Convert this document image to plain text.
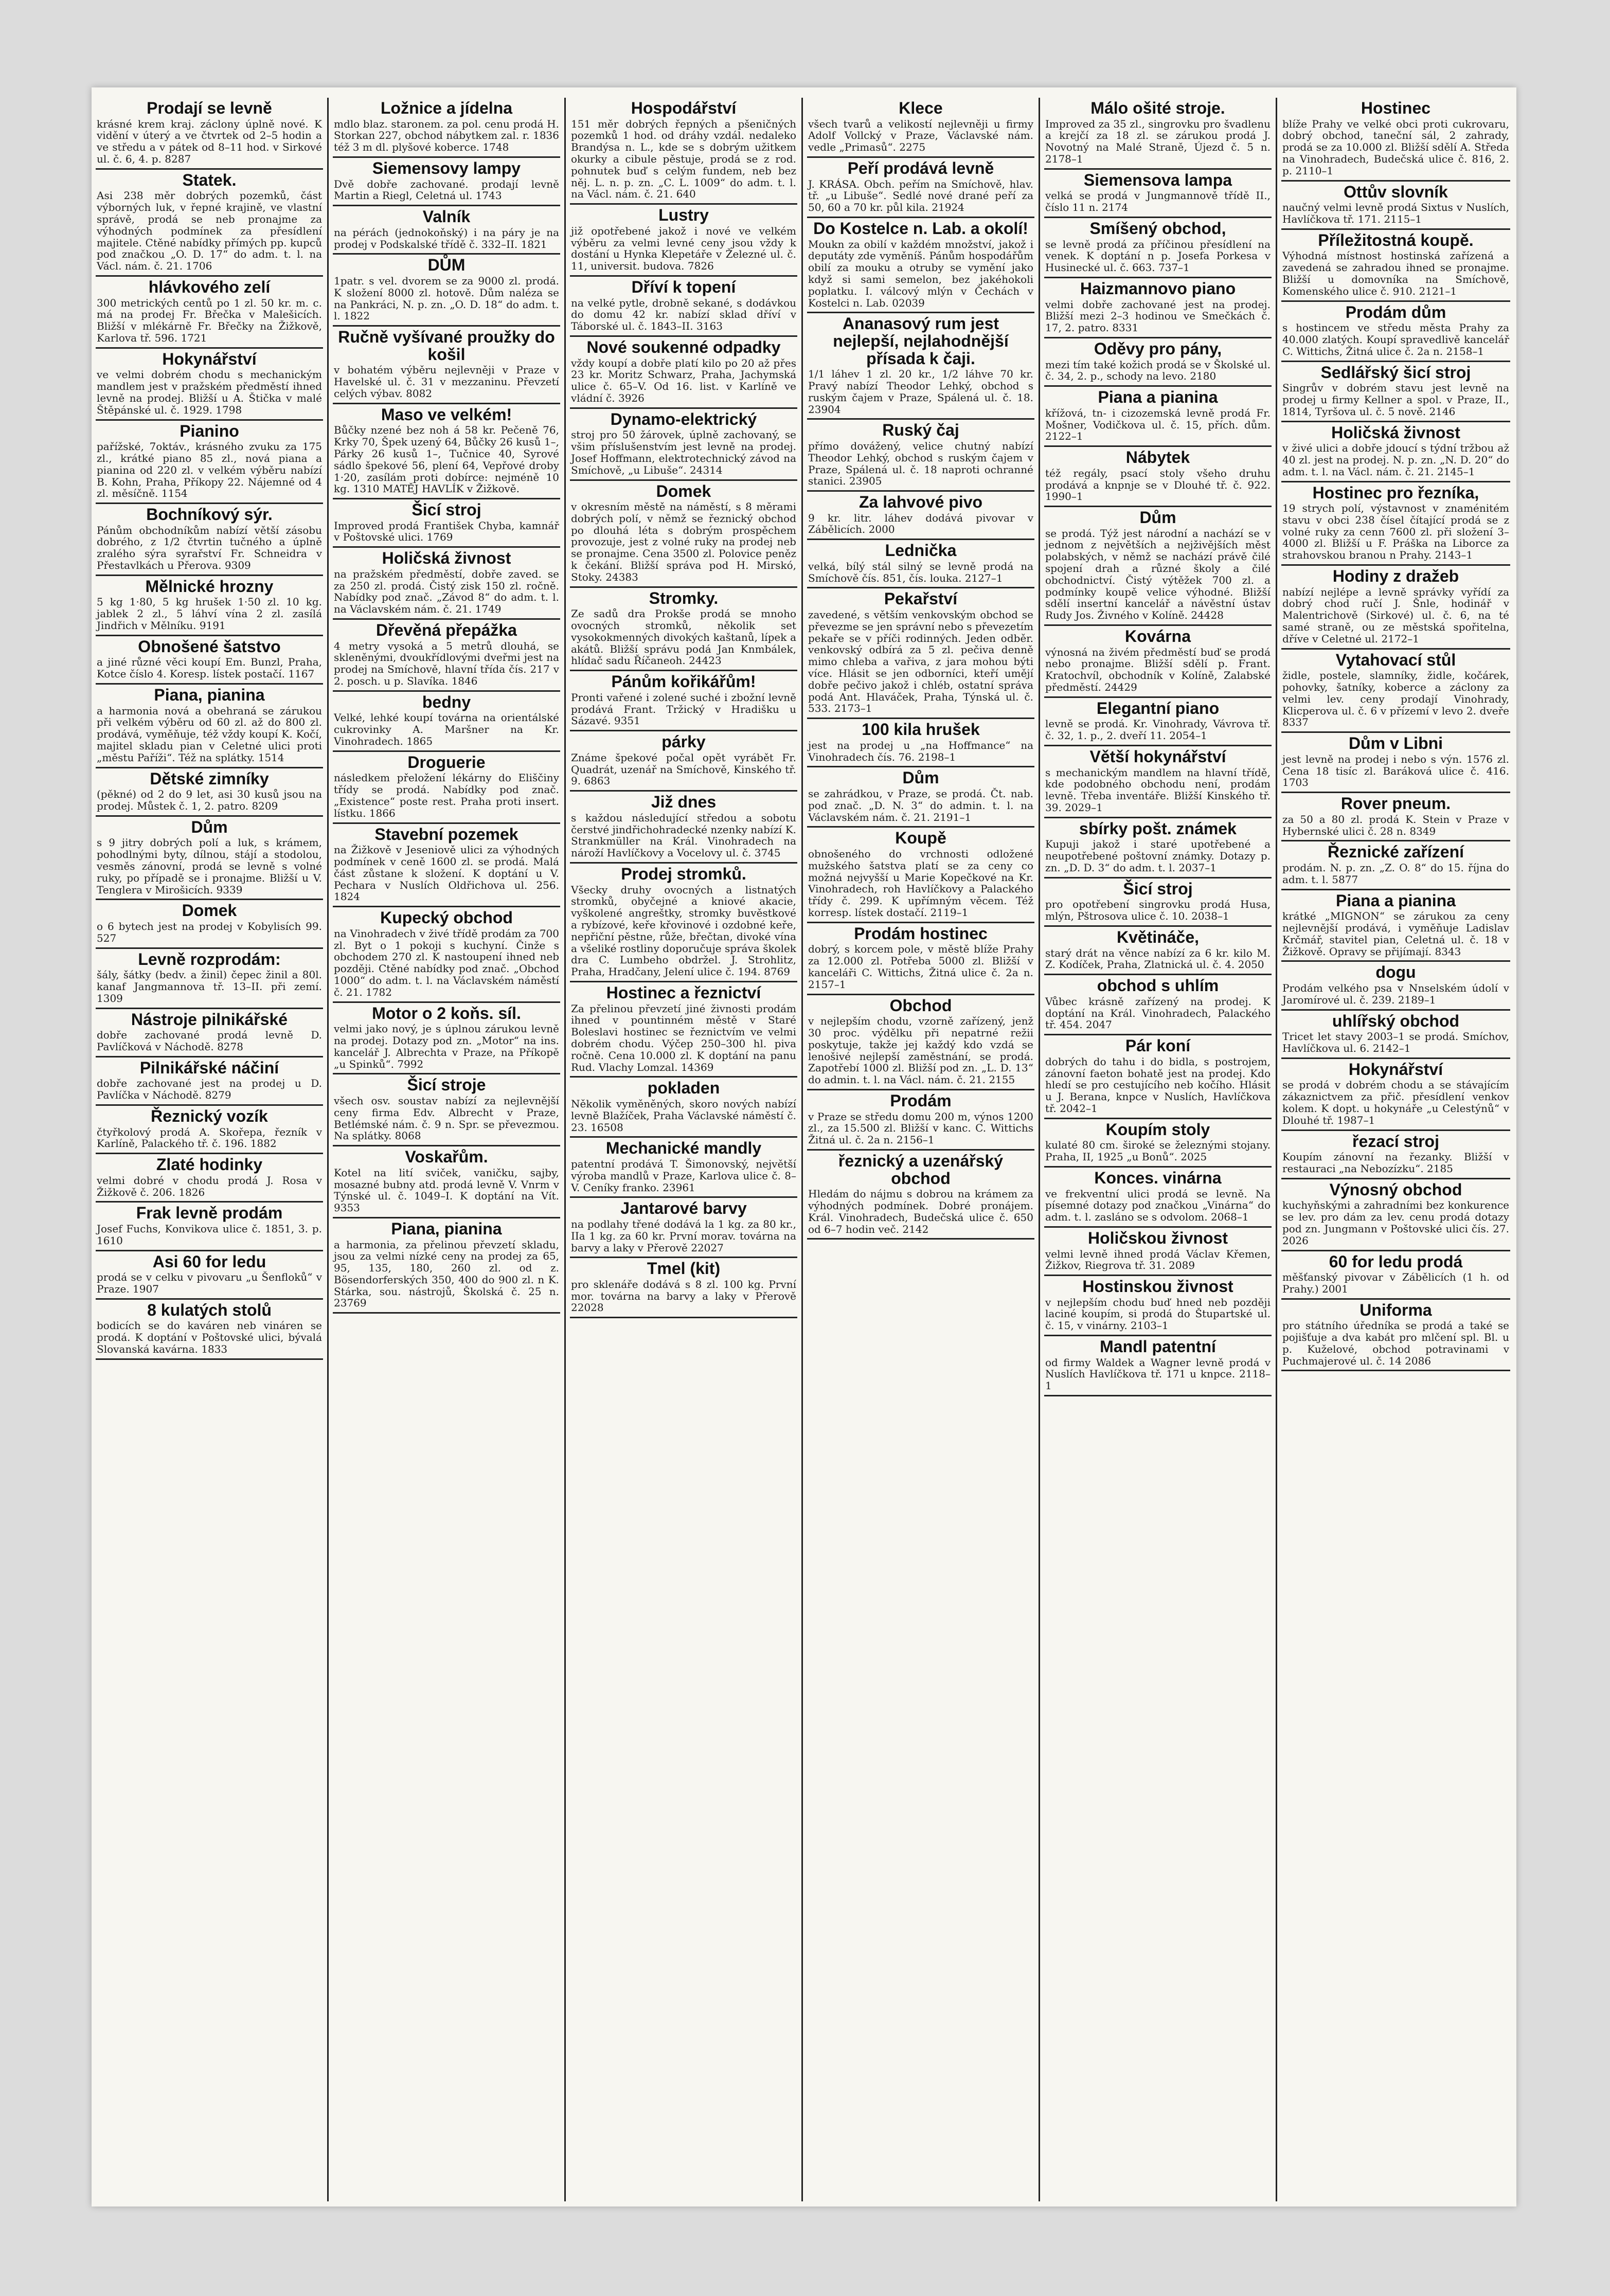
Prodají se levně
krásné krem kraj. záclony úplně nové. K vidění v úterý a ve čtvrtek od 2–5 hodin a ve středu a v pátek od 8–11 hod. v Sirkové ul. č. 6, 4. p. 8287
Statek.
Asi 238 měr dobrých pozemků, část výborných luk, v řepné krajině, ve vlastní správě, prodá se neb pronajme za výhodných podmínek za přesídlení majitele. Ctěné nabídky přímých pp. kupců pod značkou „O. D. 17“ do adm. t. l. na Václ. nám. č. 21. 1706
hlávkového zelí
300 metrických centů po 1 zl. 50 kr. m. c. má na prodej Fr. Břečka v Malešicích. Bližší v mlékárně Fr. Břečky na Žižkově, Karlova tř. 596. 1721
Hokynářství
ve velmi dobrém chodu s mechanickým mandlem jest v pražském předměstí ihned levně na prodej. Bližší u A. Štička v malé Štěpánské ul. č. 1929. 1798
Pianino
pařížské, 7oktáv., krásného zvuku za 175 zl., krátké piano 85 zl., nová piana a pianina od 220 zl. v velkém výběru nabízí B. Kohn, Praha, Příkopy 22. Nájemné od 4 zl. měsíčně. 1154
Bochníkový sýr.
Pánům obchodníkům nabízí větší zásobu dobrého, z 1/2 čtvrtin tučného a úplně zralého sýra syrařství Fr. Schneidra v Přestavlkách u Přerova. 9309
Mělnické hrozny
5 kg 1·80, 5 kg hrušek 1·50 zl. 10 kg. jablek 2 zl., 5 láhví vína 2 zl. zasílá Jindřich v Mělníku. 9191
Obnošené šatstvo
a jiné různé věci koupí Em. Bunzl, Praha, Kotce číslo 4. Koresp. lístek postačí. 1167
Piana, pianina
a harmonia nová a obehraná se zárukou při velkém výběru od 60 zl. až do 800 zl. prodává, vyměňuje, též vždy koupí K. Kočí, majitel skladu pian v Celetné ulici proti „městu Paříži“. Též na splátky. 1514
Dětské zimníky
(pěkné) od 2 do 9 let, asi 30 kusů jsou na prodej. Můstek č. 1, 2. patro. 8209
Dům
s 9 jitry dobrých polí a luk, s krámem, pohodlnými byty, dílnou, stájí a stodolou, vesměs zánovní, prodá se levně s volné ruky, po případě se i pronajme. Bližší u V. Tenglera v Mirošicích. 9339
Domek
o 6 bytech jest na prodej v Kobylisích 99. 527
Levně rozprodám:
šály, šátky (bedv. a žinil) čepec žinil a 80l. kanaf Jangmannova tř. 13–II. při zemí. 1309
Nástroje pilnikářské
dobře zachované prodá levně D. Pavlíčková v Náchodě. 8278
Pilnikářské náčiní
dobře zachované jest na prodej u D. Pavlíčka v Náchodě. 8279
Řeznický vozík
čtyřkolový prodá A. Skořepa, řezník v Karlíně, Palackého tř. č. 196. 1882
Zlaté hodinky
velmi dobré v chodu prodá J. Rosa v Žižkově č. 206. 1826
Frak levně prodám
Josef Fuchs, Konvikova ulice č. 1851, 3. p. 1610
Asi 60 for ledu
prodá se v celku v pivovaru „u Šenfloků“ v Praze. 1907
8 kulatých stolů
bodicích se do kaváren neb vináren se prodá. K doptání v Poštovské ulici, bývalá Slovanská kavárna. 1833
Ložnice a jídelna
mdlo blaz. staronem. za pol. cenu prodá H. Storkan 227, obchod nábytkem zal. r. 1836 též 3 m dl. plyšové koberce. 1748
Siemensovy lampy
Dvě dobře zachované. prodají levně Martin a Riegl, Celetná ul. 1743
Valník
na pérách (jednokoňský) i na páry je na prodej v Podskalské třídě č. 332–II. 1821
DŮM
1patr. s vel. dvorem se za 9000 zl. prodá. K složení 8000 zl. hotově. Dům naléza se na Pankráci, N. p. zn. „O. D. 18“ do adm. t. l. 1822
Ručně vyšívané proužky do košil
v bohatém výběru nejlevněji v Praze v Havelské ul. č. 31 v mezzaninu. Převzetí celých výbav. 8082
Maso ve velkém!
Bůčky nzené bez noh á 58 kr. Pečeně 76, Krky 70, Špek uzený 64, Bůčky 26 kusů 1–, Párky 26 kusů 1–, Tučnice 40, Syrové sádlo špekové 56, plení 64, Vepřové droby 1·20, zasílám proti dobírce: nejméně 10 kg. 1310 MATĚJ HAVLÍK v Žižkově.
Šicí stroj
Improved prodá František Chyba, kamnář v Poštovské ulici. 1769
Holičská živnost
na pražském předměstí, dobře zaved. se za 250 zl. prodá. Čistý zisk 150 zl. ročně. Nabídky pod znač. „Závod 8“ do adm. t. l. na Václavském nám. č. 21. 1749
Dřevěná přepážka
4 metry vysoká a 5 metrů dlouhá, se skleněnými, dvoukřídlovými dveřmi jest na prodej na Smíchově, hlavní třída čís. 217 v 2. posch. u p. Slavíka. 1846
bedny
Velké, lehké koupí továrna na orientálské cukrovinky A. Maršner na Kr. Vinohradech. 1865
Droguerie
následkem přeložení lékárny do Eliščiny třídy se prodá. Nabídky pod znač. „Existence“ poste rest. Praha proti insert. lístku. 1866
Stavební pozemek
na Žižkově v Jeseniově ulici za výhodných podmínek v ceně 1600 zl. se prodá. Malá část zůstane k složení. K doptání u V. Pechara v Nuslích Oldřichova ul. 256. 1824
Kupecký obchod
na Vinohradech v živé třídě prodám za 700 zl. Byt o 1 pokoji s kuchyní. Činže s obchodem 270 zl. K nastoupení ihned neb později. Ctěné nabídky pod znač. „Obchod 1000“ do adm. t. l. na Václavském náměstí č. 21. 1782
Motor o 2 koňs. síl.
velmi jako nový, je s úplnou zárukou levně na prodej. Dotazy pod zn. „Motor“ na ins. kancelář J. Albrechta v Praze, na Příkopě „u Spinků“. 7992
Šicí stroje
všech osv. soustav nabízí za nejlevnější ceny firma Edv. Albrecht v Praze, Betlémské nám. č. 9 n. Spr. se převezmou. Na splátky. 8068
Voskařům.
Kotel na lití sviček, vaničku, sajby, mosazné bubny atd. prodá levně V. Vnrm v Týnské ul. č. 1049–I. K doptání na Vít. 9353
Piana, pianina
a harmonia, za přelinou převzetí skladu, jsou za velmi nízké ceny na prodej za 65, 95, 135, 180, 260 zl. od z. Bösendorferských 350, 400 do 900 zl. n K. Stárka, sou. nástrojů, Školská č. 25 n. 23769
Hospodářství
151 měr dobrých řepných a pšeničných pozemků 1 hod. od dráhy vzdál. nedaleko Brandýsa n. L., kde se s dobrým užitkem okurky a cibule pěstuje, prodá se z rod. pohnutek buď s celým fundem, neb bez něj. L. n. p. zn. „C. L. 1009“ do adm. t. l. na Václ. nám. č. 21. 640
Lustry
již opotřebené jakož i nové ve velkém výběru za velmi levné ceny jsou vždy k dostání u Hynka Klepetáře v Železné ul. č. 11, universit. budova. 7826
Dříví k topení
na velké pytle, drobně sekané, s dodávkou do domu 42 kr. nabízí sklad dříví v Táborské ul. č. 1843–II. 3163
Nové soukenné odpadky
vždy koupí a dobře platí kilo po 20 až přes 23 kr. Moritz Schwarz, Praha, Jachymská ulice č. 65–V. Od 16. list. v Karlíně ve vládní č. 3926
Dynamo-elektrický
stroj pro 50 žárovek, úplně zachovaný, se všim příslušenstvím jest levně na prodej. Josef Hoffmann, elektrotechnický závod na Smíchově, „u Libuše“. 24314
Domek
v okresním městě na náměstí, s 8 měrami dobrých polí, v němž se řeznický obchod po dlouhá léta s dobrým prospěchem provozuje, jest z volné ruky na prodej neb se pronajme. Cena 3500 zl. Polovice peněz k čekání. Bližší správa pod H. Mirskó, Stoky. 24383
Stromky.
Ze sadů dra Prokše prodá se mnoho ovocných stromků, několik set vysokokmenných divokých kaštanů, lípek a akátů. Bližší správu podá Jan Knmbálek, hlídač sadu Říčaneoh. 24423
Pánům kořikářům!
Pronti vařené i zolené suché i zbožní levně prodává Frant. Tržický v Hradišku u Sázavé. 9351
párky
Známe špekové počal opět vyrábět Fr. Quadrát, uzenář na Smíchově, Kinského tř. 9. 6863
Již dnes
s každou následující středou a sobotu čerstvé jindřichohradecké nzenky nabízí K. Strankmüller na Král. Vinohradech na nároží Havlíčkovy a Vocelovy ul. č. 3745
Prodej stromků.
Všecky druhy ovocných a listnatých stromků, obyčejné a kniové akacie, vyškolené angreštky, stromky buvěstkové a rybízové, keře křovinové i ozdobné keře, nepřiční pěstne, růže, břečtan, divoké vína a všeliké rostliny doporučuje správa školek dra C. Lumbeho obdržel. J. Strohlitz, Praha, Hradčany, Jelení ulice č. 194. 8769
Hostinec a řeznictví
Za přelinou převzetí jiné živnosti prodám ihned v pountinném městě v Staré Boleslavi hostinec se řeznictvím ve velmi dobrém chodu. Výčep 250–300 hl. piva ročně. Cena 10.000 zl. K doptání na panu Rud. Vlachy Lomzal. 14369
pokladen
Několik vyměněných, skoro nových nabízí levně Blažíček, Praha Václavské náměstí č. 23. 16508
Mechanické mandly
patentní prodává T. Šimonovský, největší výroba mandlů v Praze, Karlova ulice č. 8–V. Ceníky franko. 23961
Jantarové barvy
na podlahy třené dodává la 1 kg. za 80 kr., IIa 1 kg. za 60 kr. První morav. továrna na barvy a laky v Přerově 22027
Tmel (kit)
pro sklenáře dodává s 8 zl. 100 kg. První mor. továrna na barvy a laky v Přerově 22028
Klece
všech tvarů a velikostí nejlevněji u firmy Adolf Vollcký v Praze, Václavské nám. vedle „Primasů“. 2275
Peří prodává levně
J. KRÁSA. Obch. peřím na Smíchově, hlav. tř. „u Libuše“. Sedlé nové drané peří za 50, 60 a 70 kr. půl kila. 21924
Do Kostelce n. Lab. a okolí!
Moukn za obilí v každém množství, jakož i deputáty zde vyměníš. Pánům hospodářům obilí za mouku a otruby se vymění jako když si sami semelon, bez jakéhokoli poplatku. I. válcový mlýn v Čechách v Kostelci n. Lab. 02039
Ananasový rum jest nejlepší, nejlahodnější přísada k čaji.
1/1 láhev 1 zl. 20 kr., 1/2 láhve 70 kr. Pravý nabízí Theodor Lehký, obchod s ruským čajem v Praze, Spálená ul. č. 18. 23904
Ruský čaj
přímo dovážený, velice chutný nabízí Theodor Lehký, obchod s ruským čajem v Praze, Spálená ul. č. 18 naproti ochranné stanici. 23905
Za lahvové pivo
9 kr. litr. láhev dodává pivovar v Zábělicích. 2000
Lednička
velká, bílý stál silný se levně prodá na Smíchově čís. 851, čís. louka. 2127–1
Pekařství
zavedené, s větším venkovským obchod se převezme se jen správní nebo s převezetím pekaře se v příči rodinných. Jeden odběr. venkovský odbírá za 5 zl. pečiva denně mimo chleba a vařiva, z jara mohou býti více. Hlásit se jen odborníci, kteří umějí dobře pečivo jakož i chléb, ostatní správa podá Ant. Hlaváček, Praha, Týnská ul. č. 533. 2173–1
100 kila hrušek
jest na prodej u „na Hoffmance“ na Vinohradech čís. 76. 2198–1
Dům
se zahrádkou, v Praze, se prodá. Čt. nab. pod znač. „D. N. 3“ do admin. t. l. na Václavském nám. č. 21. 2191–1
Koupě
obnošeného do vrchnosti odložené mužského šatstva platí se za ceny co možná nejvyšší u Marie Kopečkové na Kr. Vinohradech, roh Havlíčkovy a Palackého třídy č. 299. K upřímným věcem. Též korresp. lístek dostačí. 2119–1
Prodám hostinec
dobrý, s korcem pole, v městě blíže Prahy za 12.000 zl. Potřeba 5000 zl. Bližší v kanceláři C. Wittichs, Žitná ulice č. 2a n. 2157–1
Obchod
v nejlepším chodu, vzorně zařízený, jenž 30 proc. výdělku při nepatrné režii poskytuje, takže jej každý kdo vzdá se lenošivé nejlepší zaměstnání, se prodá. Zapotřebí 1000 zl. Bližší pod zn. „L. D. 13“ do admin. t. l. na Václ. nám. č. 21. 2155
Prodám
v Praze se středu domu 200 m, výnos 1200 zl., za 15.500 zl. Bližší v kanc. C. Wittichs Žitná ul. č. 2a n. 2156–1
řeznický a uzenářský obchod
Hledám do nájmu s dobrou na krámem za výhodných podmínek. Dobré pronájem. Král. Vinohradech, Budečská ulice č. 650 od 6–7 hodin več. 2142
Málo ošité stroje.
Improved za 35 zl., singrovku pro švadlenu a krejčí za 18 zl. se zárukou prodá J. Novotný na Malé Straně, Újezd č. 5 n. 2178–1
Siemensova lampa
velká se prodá v Jungmannově třídě II., číslo 11 n. 2174
Smíšený obchod,
se levně prodá za příčinou přesídlení na venek. K doptání n p. Josefa Porkesa v Husinecké ul. č. 663. 737–1
Haizmannovo piano
velmi dobře zachované jest na prodej. Bližší mezi 2–3 hodinou ve Smečkách č. 17, 2. patro. 8331
Oděvy pro pány,
mezi tím také kožich prodá se v Školské ul. č. 34, 2. p., schody na levo. 2180
Piana a pianina
křížová, tn- i cizozemská levně prodá Fr. Mošner, Vodičkova ul. č. 15, přích. dům. 2122–1
Nábytek
též regály, psací stoly všeho druhu prodává a knpnje se v Dlouhé tř. č. 922. 1990–1
Dům
se prodá. Týž jest národní a nachází se v jednom z největších a nejživějších měst polabských, v němž se nachází právě čilé spojení drah a různé školy a čilé obchodnictví. Čistý výtěžek 700 zl. a podmínky koupě velice výhodné. Bližší sdělí insertní kancelář a návěstní ústav Rudy Jos. Živného v Kolíně. 24428
Kovárna
výnosná na živém předměstí buď se prodá nebo pronajme. Bližší sdělí p. Frant. Kratochvíl, obchodník v Kolíně, Zalabské předměstí. 24429
Elegantní piano
levně se prodá. Kr. Vinohrady, Vávrova tř. č. 32, 1. p., 2. dveří 11. 2054–1
Větší hokynářství
s mechanickým mandlem na hlavní třídě, kde podobného obchodu není, prodám levně. Třeba inventáře. Bližší Kinského tř. 39. 2029–1
sbírky pošt. známek
Kupuji jakož i staré upotřebené a neupotřebené poštovní známky. Dotazy p. zn. „D. D. 3“ do adm. t. l. 2037–1
Šicí stroj
pro opotřebení singrovku prodá Husa, mlýn, Pštrosova ulice č. 10. 2038–1
Květináče,
starý drát na věnce nabízí za 6 kr. kilo M. Z. Kodíček, Praha, Zlatnická ul. č. 4. 2050
obchod s uhlím
Vůbec krásně zařízený na prodej. K doptání na Král. Vinohradech, Palackého tř. 454. 2047
Pár koní
dobrých do tahu i do bidla, s postrojem, zánovní faeton bohatě jest na prodej. Kdo hledí se pro cestujícího neb kočího. Hlásit u J. Berana, knpce v Nuslích, Havlíčkova tř. 2042–1
Koupím stoly
kulaté 80 cm. široké se železnými stojany. Praha, II, 1925 „u Bonů“. 2025
Konces. vinárna
ve frekventní ulici prodá se levně. Na písemné dotazy pod značkou „Vinárna“ do adm. t. l. zasláno se s odvolom. 2068–1
Holičskou živnost
velmi levně ihned prodá Václav Křemen, Žižkov, Riegrova tř. 31. 2089
Hostinskou živnost
v nejlepším chodu buď hned neb později laciné koupím, si prodá do Štupartské ul. č. 15, v vinárny. 2103–1
Mandl patentní
od firmy Waldek a Wagner levně prodá v Nuslích Havlíčkova tř. 171 u knpce. 2118–1
Hostinec
blíže Prahy ve velké obci proti cukrovaru, dobrý obchod, taneční sál, 2 zahrady, prodá se za 10.000 zl. Bližší sdělí A. Středa na Vinohradech, Budečská ulice č. 816, 2. p. 2110–1
Ottův slovník
naučný velmi levně prodá Sixtus v Nuslích, Havlíčkova tř. 171. 2115–1
Příležitostná koupě.
Výhodná místnost hostinská zařízená a zavedená se zahradou ihned se pronajme. Bližší u domovníka na Smíchově, Komenského ulice č. 910. 2121–1
Prodám dům
s hostincem ve středu města Prahy za 40.000 zlatých. Koupí spravedlivě kancelář C. Wittichs, Žitná ulice č. 2a n. 2158–1
Sedlářský šicí stroj
Singrův v dobrém stavu jest levně na prodej u firmy Kellner a spol. v Praze, II., 1814, Tyršova ul. č. 5 nově. 2146
Holičská živnost
v živé ulici a dobře jdoucí s týdní tržbou až 40 zl. jest na prodej. N. p. zn. „N. D. 20“ do adm. t. l. na Václ. nám. č. 21. 2145–1
Hostinec pro řezníka,
19 strych polí, výstavnost v znaménitém stavu v obci 238 čísel čítající prodá se z volné ruky za cenn 7600 zl. při složení 3–4000 zl. Bližší u F. Práška na Liborce za strahovskou branou n Prahy. 2143–1
Hodiny z dražeb
nabízí nejlépe a levně správky vyřídí za dobrý chod ručí J. Šnle, hodinář v Malentrichově (Sirkové) ul. č. 6, na té samé straně, ou ze městská spořitelna, dříve v Celetné ul. 2172–1
Vytahovací stůl
židle, postele, slamníky, židle, kočárek, pohovky, šatníky, koberce a záclony za velmi lev. ceny prodají Vinohrady, Klicperova ul. č. 6 v přízemí v levo 2. dveře 8337
Dům v Libni
jest levně na prodej i nebo s výn. 1576 zl. Cena 18 tisíc zl. Baráková ulice č. 416. 1703
Rover pneum.
za 50 a 80 zl. prodá K. Stein v Praze v Hybernské ulici č. 28 n. 8349
Řeznické zařízení
prodám. N. p. zn. „Z. O. 8“ do 15. října do adm. t. l. 5877
Piana a pianina
krátké „MIGNON“ se zárukou za ceny nejlevnější prodává, i vyměňuje Ladislav Krčmář, stavitel pian, Celetná ul. č. 18 v Žižkově. Opravy se přijímají. 8343
dogu
Prodám velkého psa v Nnselském údolí v Jaromírové ul. č. 239. 2189–1
uhlířský obchod
Tricet let stavy 2003–1 se prodá. Smíchov, Havlíčkova ul. 6. 2142–1
Hokynářství
se prodá v dobrém chodu a se stávajícím zákaznictvem za přič. přesídlení venkov kolem. K dopt. u hokynáře „u Celestýnů“ v Dlouhé tř. 1987–1
řezací stroj
Koupím zánovní na řezanky. Bližší v restauraci „na Nebozízku“. 2185
Výnosný obchod
kuchyňskými a zahradními bez konkurence se lev. pro dám za lev. cenu prodá dotazy pod zn. Jungmann v Poštovské ulici čís. 27. 2026
60 for ledu prodá
měšťanský pivovar v Zábělicích (1 h. od Prahy.) 2001
Uniforma
pro státního úředníka se prodá a také se pojišťuje a dva kabát pro mlčení spl. Bl. u p. Kuželové, obchod potravinami v Puchmajerové ul. č. 14 2086
